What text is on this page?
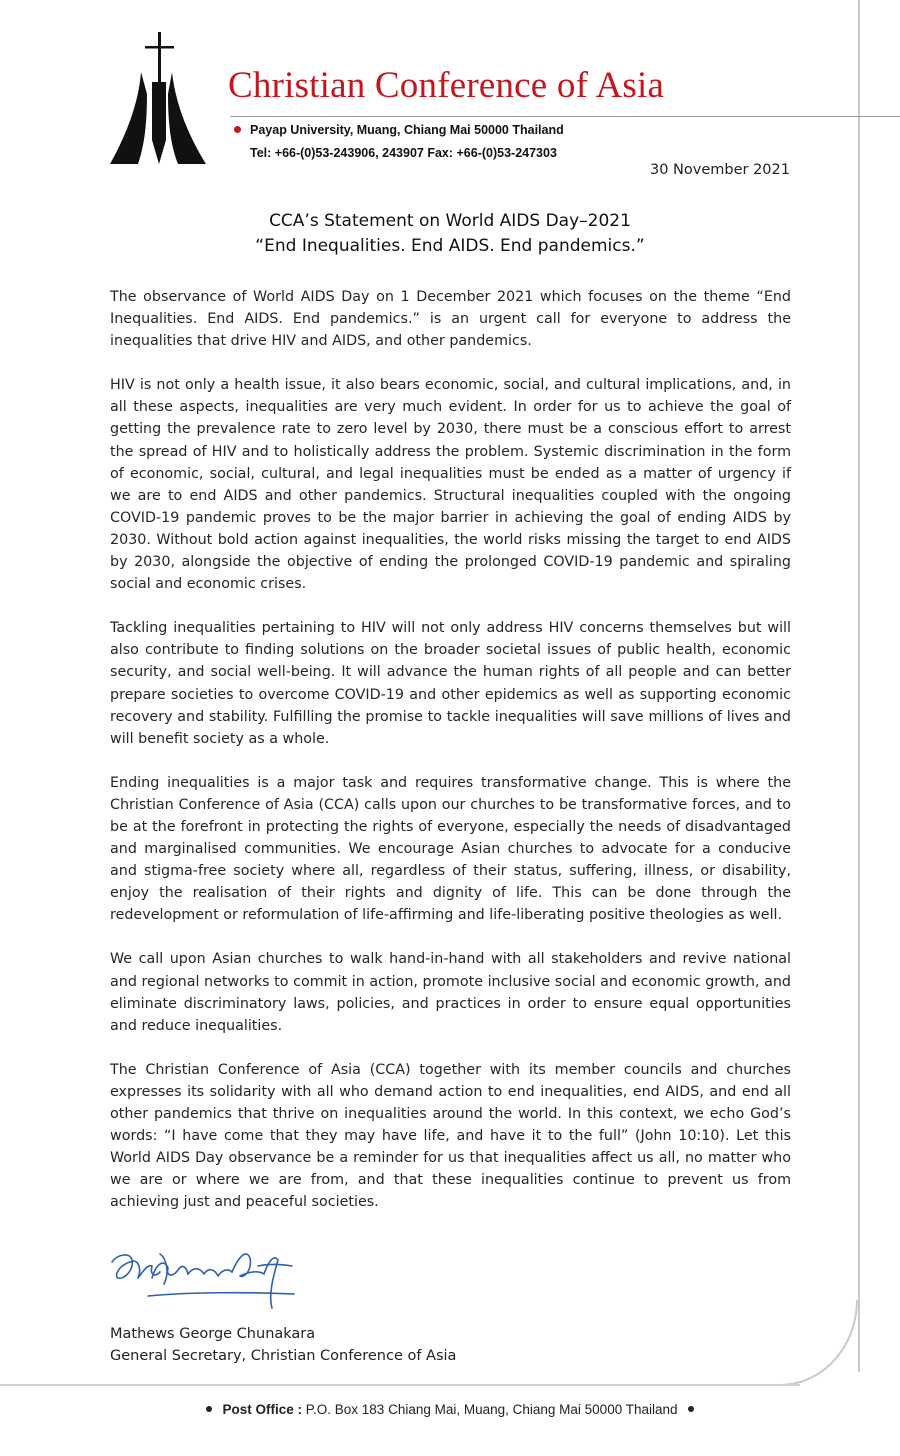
Christian Conference of Asia
Payap University, Muang, Chiang Mai 50000 Thailand
Tel: +66-(0)53-243906, 243907 Fax: +66-(0)53-247303
30 November 2021
CCA’s Statement on World AIDS Day–2021
“End Inequalities. End AIDS. End pandemics.”

The observance of World AIDS Day on 1 December 2021 which focuses on the theme “End Inequalities. End AIDS. End pandemics.” is an urgent call for everyone to address the inequalities that drive HIV and AIDS, and other pandemics.

HIV is not only a health issue, it also bears economic, social, and cultural implications, and, in all these aspects, inequalities are very much evident. In order for us to achieve the goal of getting the prevalence rate to zero level by 2030, there must be a conscious effort to arrest the spread of HIV and to holistically address the problem. Systemic discrimination in the form of economic, social, cultural, and legal inequalities must be ended as a matter of urgency if we are to end AIDS and other pandemics. Structural inequalities coupled with the ongoing COVID-19 pandemic proves to be the major barrier in achieving the goal of ending AIDS by 2030. Without bold action against inequalities, the world risks missing the target to end AIDS by 2030, alongside the objective of ending the prolonged COVID-19 pandemic and spiraling social and economic crises.

Tackling inequalities pertaining to HIV will not only address HIV concerns themselves but will also contribute to finding solutions on the broader societal issues of public health, economic security, and social well-being. It will advance the human rights of all people and can better prepare societies to overcome COVID-19 and other epidemics as well as supporting economic recovery and stability. Fulfilling the promise to tackle inequalities will save millions of lives and will benefit society as a whole.

Ending inequalities is a major task and requires transformative change. This is where the Christian Conference of Asia (CCA) calls upon our churches to be transformative forces, and to be at the forefront in protecting the rights of everyone, especially the needs of disadvantaged and marginalised communities. We encourage Asian churches to advocate for a conducive and stigma-free society where all, regardless of their status, suffering, illness, or disability, enjoy the realisation of their rights and dignity of life. This can be done through the redevelopment or reformulation of life-affirming and life-liberating positive theologies as well.

We call upon Asian churches to walk hand-in-hand with all stakeholders and revive national and regional networks to commit in action, promote inclusive social and economic growth, and eliminate discriminatory laws, policies, and practices in order to ensure equal opportunities and reduce inequalities.

The Christian Conference of Asia (CCA) together with its member councils and churches expresses its solidarity with all who demand action to end inequalities, end AIDS, and end all other pandemics that thrive on inequalities around the world. In this context, we echo God’s words: “I have come that they may have life, and have it to the full” (John 10:10). Let this World AIDS Day observance be a reminder for us that inequalities affect us all, no matter who we are or where we are from, and that these inequalities continue to prevent us from achieving just and peaceful societies.

Mathews George Chunakara
General Secretary, Christian Conference of Asia
Post Office : P.O. Box 183 Chiang Mai, Muang, Chiang Mai 50000 Thailand
